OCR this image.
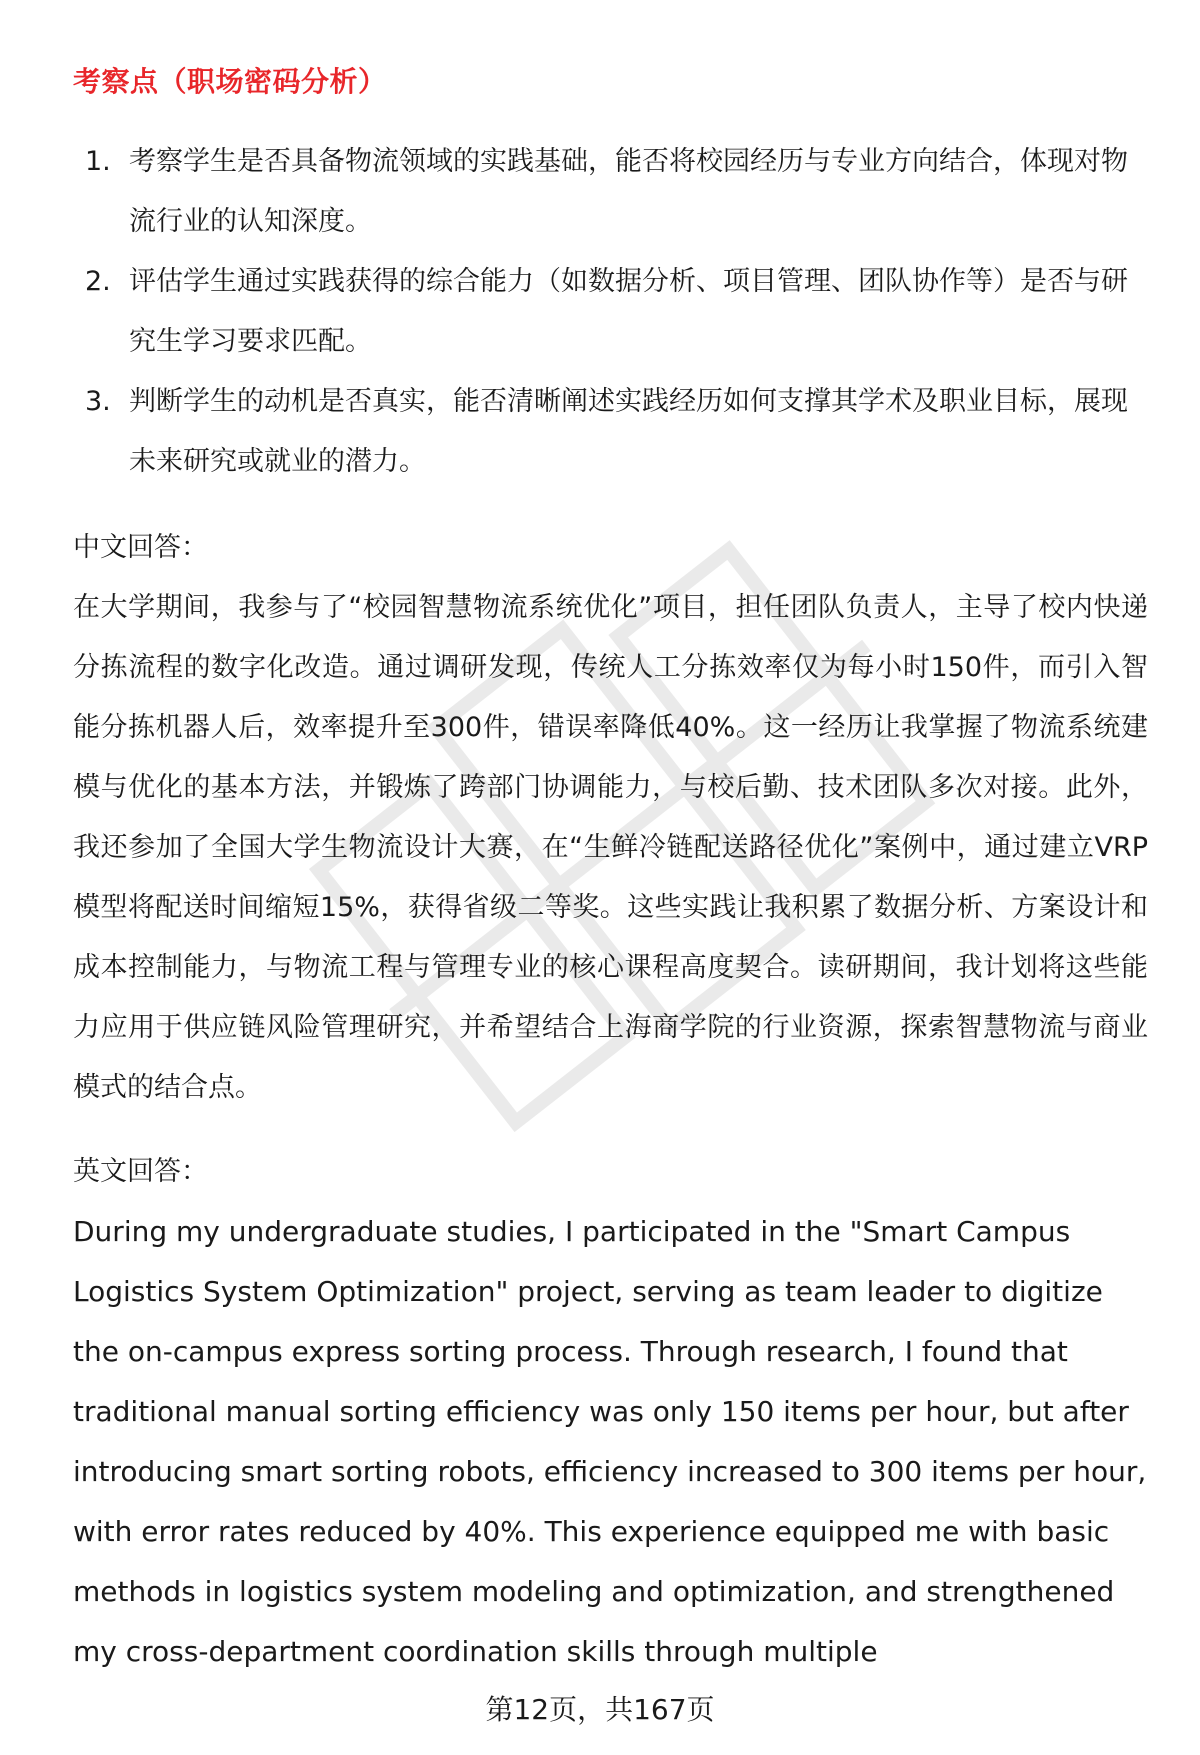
考察点（职场密码分析）
1. 考察学生是否具备物流领域的实践基础，能否将校园经历与专业方向结合，体现对物流行业的认知深度。
2. 评估学生通过实践获得的综合能力（如数据分析、项目管理、团队协作等）是否与研究生学习要求匹配。
3. 判断学生的动机是否真实，能否清晰阐述实践经历如何支撑其学术及职业目标，展现未来研究或就业的潜力。
中文回答：

在大学期间，我参与了“校园智慧物流系统优化”项目，担任团队负责人，主导了校内快递分拣流程的数字化改造。通过调研发现，传统人工分拣效率仅为每小时150件，而引入智能分拣机器人后，效率提升至300件，错误率降低40%。这一经历让我掌握了物流系统建模与优化的基本方法，并锻炼了跨部门协调能力，与校后勤、技术团队多次对接。此外，我还参加了全国大学生物流设计大赛，在“生鲜冷链配送路径优化”案例中，通过建立VRP模型将配送时间缩短15%，获得省级二等奖。这些实践让我积累了数据分析、方案设计和成本控制能力，与物流工程与管理专业的核心课程高度契合。读研期间，我计划将这些能力应用于供应链风险管理研究，并希望结合上海商学院的行业资源，探索智慧物流与商业模式的结合点。

英文回答：

During my undergraduate studies, I participated in the "Smart Campus Logistics System Optimization" project, serving as team leader to digitize the on-campus express sorting process. Through research, I found that traditional manual sorting efficiency was only 150 items per hour, but after introducing smart sorting robots, efficiency increased to 300 items per hour, with error rates reduced by 40%. This experience equipped me with basic methods in logistics system modeling and optimization, and strengthened my cross-department coordination skills through multiple

第12页，共167页
